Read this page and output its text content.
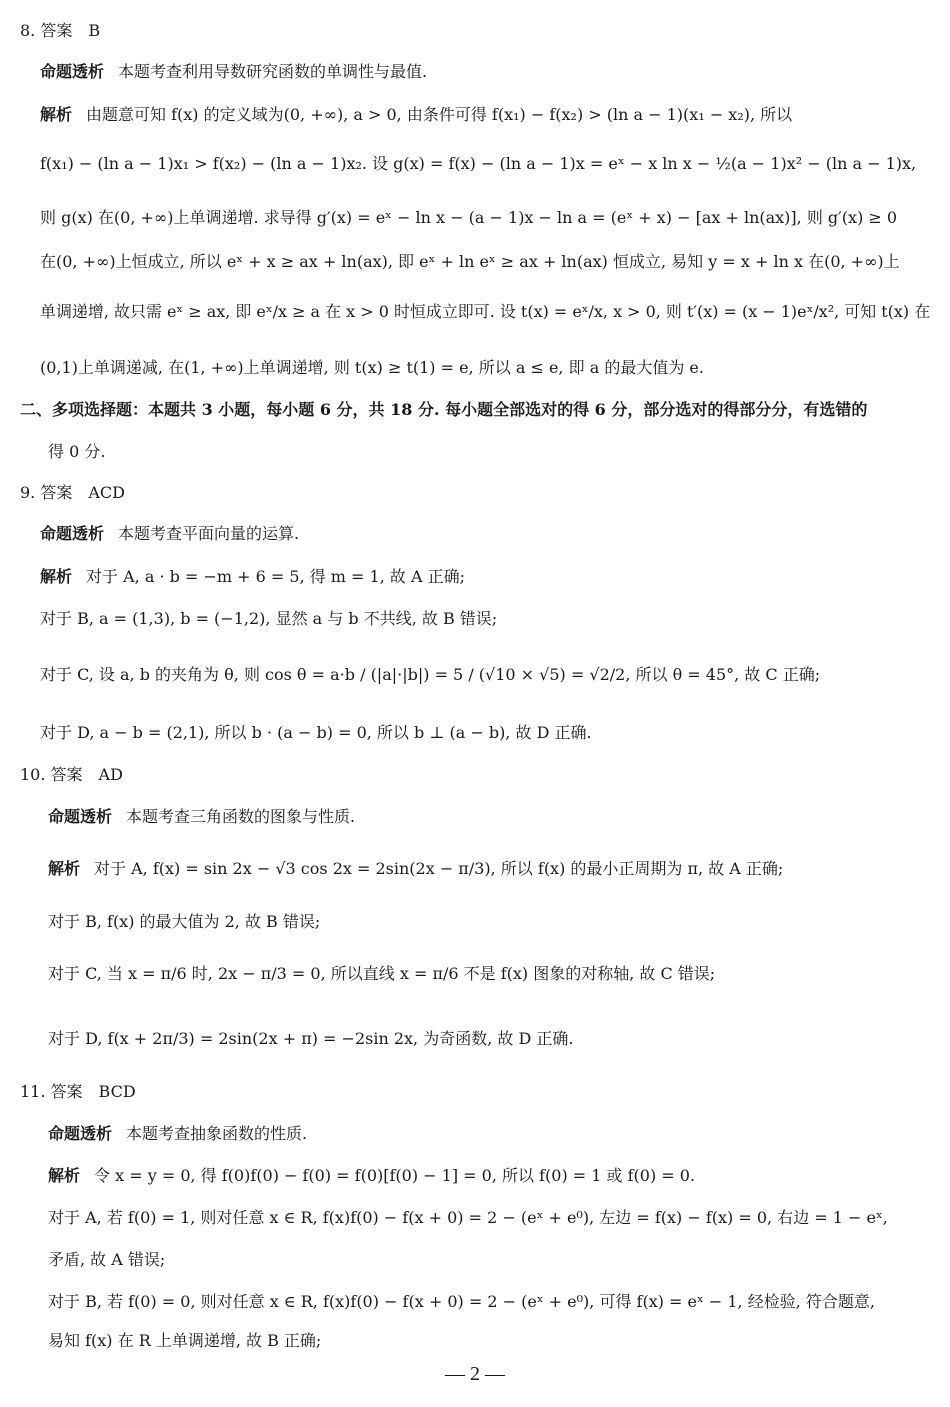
8. 答案　B
命题透析 本题考查利用导数研究函数的单调性与最值.
解析 由题意可知 f(x) 的定义域为(0, +∞), a > 0, 由条件可得 f(x₁) − f(x₂) > (ln a − 1)(x₁ − x₂), 所以
f(x₁) − (ln a − 1)x₁ > f(x₂) − (ln a − 1)x₂. 设 g(x) = f(x) − (ln a − 1)x = eˣ − x ln x − ½(a − 1)x² − (ln a − 1)x,
则 g(x) 在(0, +∞)上单调递增. 求导得 g′(x) = eˣ − ln x − (a − 1)x − ln a = (eˣ + x) − [ax + ln(ax)], 则 g′(x) ≥ 0
在(0, +∞)上恒成立, 所以 eˣ + x ≥ ax + ln(ax), 即 eˣ + ln eˣ ≥ ax + ln(ax) 恒成立, 易知 y = x + ln x 在(0, +∞)上
单调递增, 故只需 eˣ ≥ ax, 即 eˣ/x ≥ a 在 x > 0 时恒成立即可. 设 t(x) = eˣ/x, x > 0, 则 t′(x) = (x − 1)eˣ/x², 可知 t(x) 在
(0,1)上单调递减, 在(1, +∞)上单调递增, 则 t(x) ≥ t(1) = e, 所以 a ≤ e, 即 a 的最大值为 e.
二、多项选择题：本题共 3 小题，每小题 6 分，共 18 分. 每小题全部选对的得 6 分，部分选对的得部分分，有选错的
得 0 分.
9. 答案　ACD
命题透析 本题考查平面向量的运算.
解析 对于 A, a · b = −m + 6 = 5, 得 m = 1, 故 A 正确;
对于 B, a = (1,3), b = (−1,2), 显然 a 与 b 不共线, 故 B 错误;
对于 C, 设 a, b 的夹角为 θ, 则 cos θ = a·b / (|a|·|b|) = 5 / (√10 × √5) = √2/2, 所以 θ = 45°, 故 C 正确;
对于 D, a − b = (2,1), 所以 b · (a − b) = 0, 所以 b ⊥ (a − b), 故 D 正确.
10. 答案　AD
命题透析 本题考查三角函数的图象与性质.
解析 对于 A, f(x) = sin 2x − √3 cos 2x = 2sin(2x − π/3), 所以 f(x) 的最小正周期为 π, 故 A 正确;
对于 B, f(x) 的最大值为 2, 故 B 错误;
对于 C, 当 x = π/6 时, 2x − π/3 = 0, 所以直线 x = π/6 不是 f(x) 图象的对称轴, 故 C 错误;
对于 D, f(x + 2π/3) = 2sin(2x + π) = −2sin 2x, 为奇函数, 故 D 正确.
11. 答案　BCD
命题透析 本题考查抽象函数的性质.
解析 令 x = y = 0, 得 f(0)f(0) − f(0) = f(0)[f(0) − 1] = 0, 所以 f(0) = 1 或 f(0) = 0.
对于 A, 若 f(0) = 1, 则对任意 x ∈ R, f(x)f(0) − f(x + 0) = 2 − (eˣ + e⁰), 左边 = f(x) − f(x) = 0, 右边 = 1 − eˣ,
矛盾, 故 A 错误;
对于 B, 若 f(0) = 0, 则对任意 x ∈ R, f(x)f(0) − f(x + 0) = 2 − (eˣ + e⁰), 可得 f(x) = eˣ − 1, 经检验, 符合题意,
易知 f(x) 在 R 上单调递增, 故 B 正确;
— 2 —
